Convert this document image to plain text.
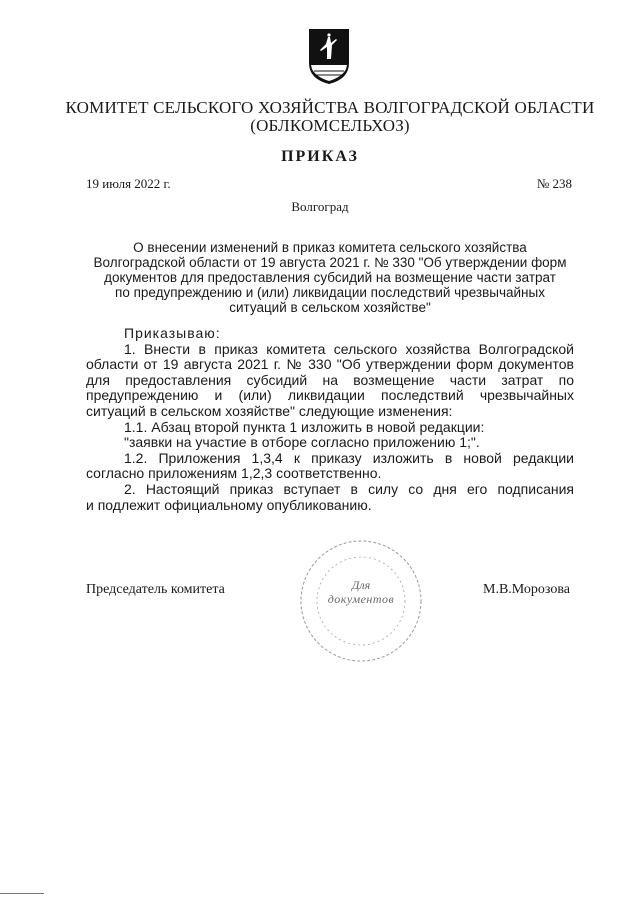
КОМИТЕТ СЕЛЬСКОГО ХОЗЯЙСТВА ВОЛГОГРАДСКОЙ ОБЛАСТИ
(ОБЛКОМСЕЛЬХОЗ)
ПРИКАЗ
19 июля 2022 г.	№ 238
Волгоград
О внесении изменений в приказ комитета сельского хозяйства
Волгоградской области от 19 августа 2021 г. № 330 "Об утверждении форм
документов для предоставления субсидий на возмещение части затрат
по предупреждению и (или) ликвидации последствий чрезвычайных
ситуаций в сельском хозяйстве"
Приказываю:
1. Внести в приказ комитета сельского хозяйства Волгоградской
области от 19 августа 2021 г. № 330 "Об утверждении форм документов
для предоставления субсидий на возмещение части затрат по
предупреждению и (или) ликвидации последствий чрезвычайных
ситуаций в сельском хозяйстве" следующие изменения:
1.1. Абзац второй пункта 1 изложить в новой редакции:
"заявки на участие в отборе согласно приложению 1;".
1.2. Приложения 1,3,4 к приказу изложить в новой редакции
согласно приложениям 1,2,3 соответственно.
2. Настоящий приказ вступает в силу со дня его подписания
и подлежит официальному опубликованию.
Для
документов
Председатель комитета	М.В.Морозова
